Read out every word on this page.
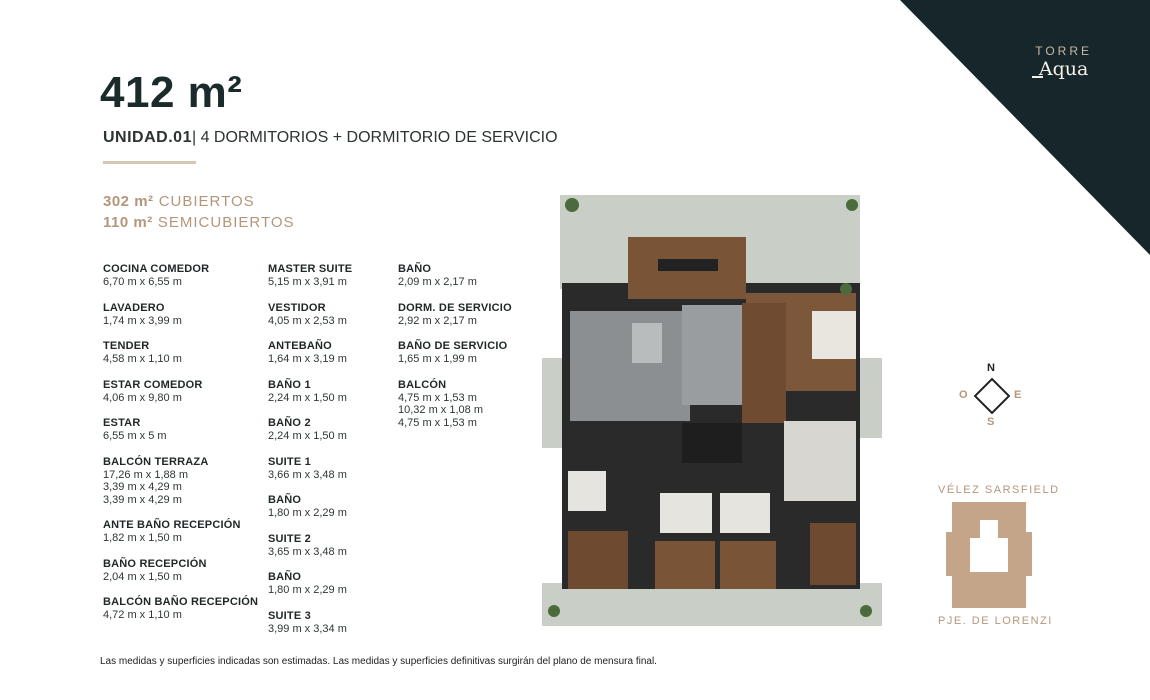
TORRE
Aqua
412 m²
UNIDAD.01| 4 DORMITORIOS + DORMITORIO DE SERVICIO
302 m² CUBIERTOS
110 m² SEMICUBIERTOS
COCINA COMEDOR
6,70 m x 6,55 m
LAVADERO
1,74 m x 3,99 m
TENDER
4,58 m x 1,10 m
ESTAR COMEDOR
4,06 m x 9,80 m
ESTAR
6,55 m x 5 m
BALCÓN TERRAZA
17,26 m x 1,88 m
3,39 m x 4,29 m
3,39 m x 4,29 m
ANTE BAÑO RECEPCIÓN
1,82 m x 1,50 m
BAÑO RECEPCIÓN
2,04 m x 1,50 m
BALCÓN BAÑO RECEPCIÓN
4,72 m x 1,10 m
MASTER SUITE
5,15 m x 3,91 m
VESTIDOR
4,05 m x 2,53 m
ANTEBAÑO
1,64 m x 3,19 m
BAÑO 1
2,24 m x 1,50 m
BAÑO 2
2,24 m x 1,50 m
SUITE 1
3,66 m x 3,48 m
BAÑO
1,80 m x 2,29 m
SUITE 2
3,65 m x 3,48 m
BAÑO
1,80 m x 2,29 m
SUITE 3
3,99 m x 3,34 m
BAÑO
2,09 m x 2,17 m
DORM. DE SERVICIO
2,92 m x 2,17 m
BAÑO DE SERVICIO
1,65 m x 1,99 m
BALCÓN
4,75 m x 1,53 m
10,32 m x 1,08 m
4,75 m x 1,53 m
N
O	E
S
VÉLEZ SARSFIELD
PJE. DE LORENZI
Las medidas y superficies indicadas son estimadas. Las medidas y superficies definitivas surgirán del plano de mensura final.
